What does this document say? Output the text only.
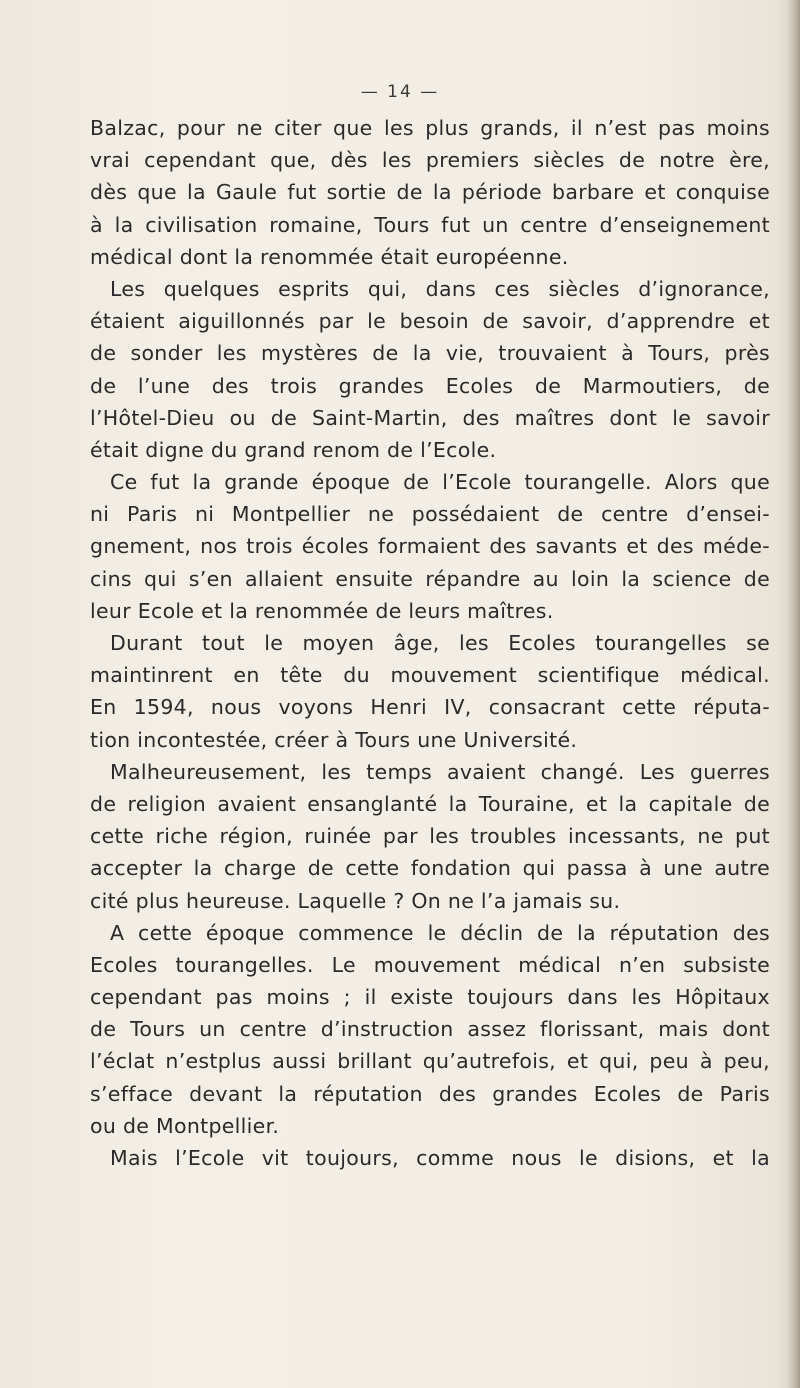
— 14 —
Balzac, pour ne citer que les plus grands, il n’est pas moins
vrai cependant que, dès les premiers siècles de notre ère,
dès que la Gaule fut sortie de la période barbare et conquise
à la civilisation romaine, Tours fut un centre d’enseignement
médical dont la renommée était européenne.
Les quelques esprits qui, dans ces siècles d’ignorance,
étaient aiguillonnés par le besoin de savoir, d’apprendre et
de sonder les mystères de la vie, trouvaient à Tours, près
de l’une des trois grandes Ecoles de Marmoutiers, de
l’Hôtel-Dieu ou de Saint-Martin, des maîtres dont le savoir
était digne du grand renom de l’Ecole.
Ce fut la grande époque de l’Ecole tourangelle. Alors que
ni Paris ni Montpellier ne possédaient de centre d’ensei-
gnement, nos trois écoles formaient des savants et des méde-
cins qui s’en allaient ensuite répandre au loin la science de
leur Ecole et la renommée de leurs maîtres.
Durant tout le moyen âge, les Ecoles tourangelles se
maintinrent en tête du mouvement scientifique médical.
En 1594, nous voyons Henri IV, consacrant cette réputa-
tion incontestée, créer à Tours une Université.
Malheureusement, les temps avaient changé. Les guerres
de religion avaient ensanglanté la Touraine, et la capitale de
cette riche région, ruinée par les troubles incessants, ne put
accepter la charge de cette fondation qui passa à une autre
cité plus heureuse. Laquelle ? On ne l’a jamais su.
A cette époque commence le déclin de la réputation des
Ecoles tourangelles. Le mouvement médical n’en subsiste
cependant pas moins ; il existe toujours dans les Hôpitaux
de Tours un centre d’instruction assez florissant, mais dont
l’éclat n’estplus aussi brillant qu’autrefois, et qui, peu à peu,
s’efface devant la réputation des grandes Ecoles de Paris
ou de Montpellier.
Mais l’Ecole vit toujours, comme nous le disions, et la
